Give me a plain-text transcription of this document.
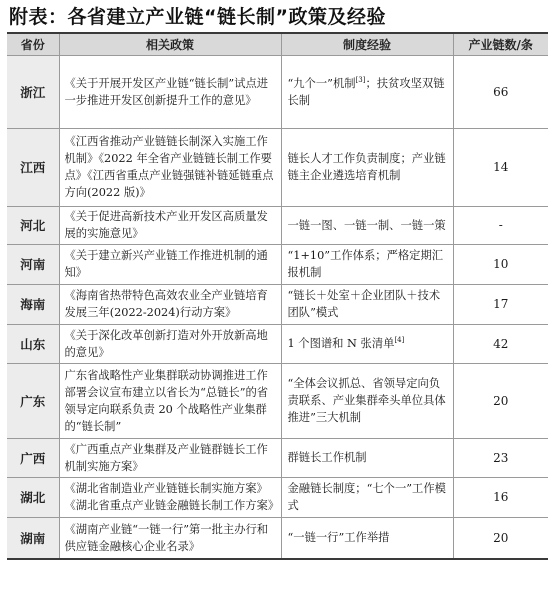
附表：各省建立产业链“链长制”政策及经验
省份	相关政策	制度经验	产业链数/条
浙江	《关于开展开发区产业链“链长制”试点进一步推进开发区创新提升工作的意见》	“九个一”机制[3]；扶贫攻坚双链长制	66
江西	《江西省推动产业链链长制深入实施工作机制》《2022 年全省产业链链长制工作要点》《江西省重点产业链强链补链延链重点方向(2022 版)》	链长人才工作负责制度；产业链链主企业遴选培育机制	14
河北	《关于促进高新技术产业开发区高质量发展的实施意见》	一链一图、一链一制、一链一策	-
河南	《关于建立新兴产业链工作推进机制的通知》	“1+10”工作体系；严格定期汇报机制	10
海南	《海南省热带特色高效农业全产业链培育发展三年(2022-2024)行动方案》	“链长＋处室＋企业团队＋技术团队”模式	17
山东	《关于深化改革创新打造对外开放新高地的意见》	1 个图谱和 N 张清单[4]	42
广东	广东省战略性产业集群联动协调推进工作部署会议宣布建立以省长为“总链长”的省领导定向联系负责 20 个战略性产业集群的“链长制”	“全体会议抓总、省领导定向负责联系、产业集群牵头单位具体推进”三大机制	20
广西	《广西重点产业集群及产业链群链长工作机制实施方案》	群链长工作机制	23
湖北	《湖北省制造业产业链链长制实施方案》《湖北省重点产业链金融链长制工作方案》	金融链长制度；“七个一”工作模式	16
湖南	《湖南产业链“一链一行”第一批主办行和供应链金融核心企业名录》	“一链一行”工作举措	20
